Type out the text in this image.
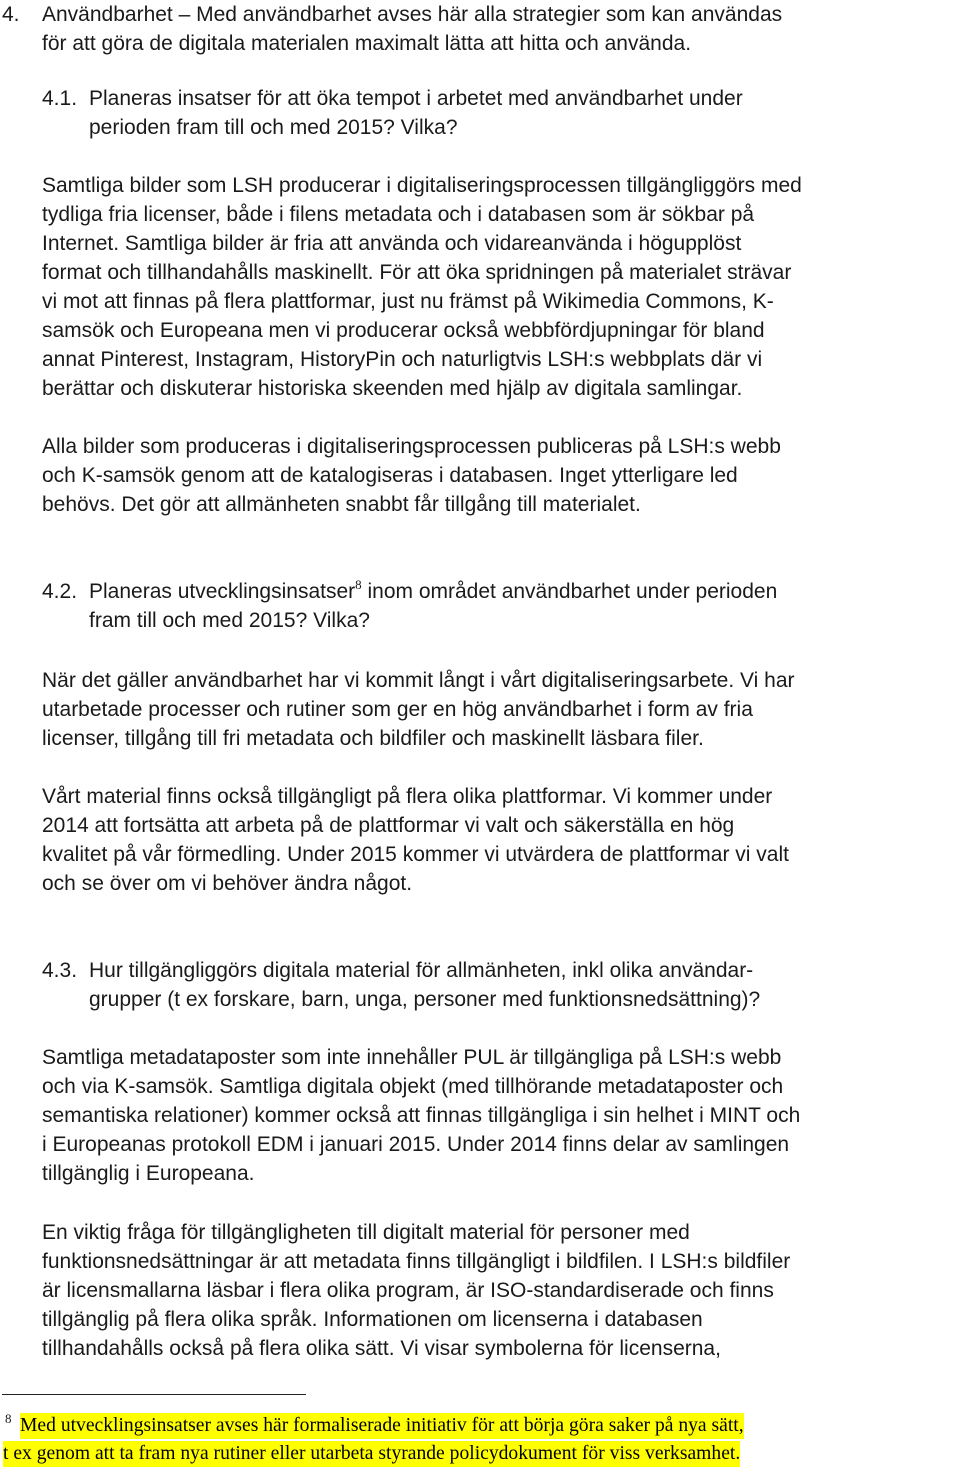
4. Användbarhet – Med användbarhet avses här alla strategier som kan användas
för att göra de digitala materialen maximalt lätta att hitta och använda.
4.1. Planeras insatser för att öka tempot i arbetet med användbarhet under
perioden fram till och med 2015? Vilka?
Samtliga bilder som LSH producerar i digitaliseringsprocessen tillgängliggörs med
tydliga fria licenser, både i filens metadata och i databasen som är sökbar på
Internet. Samtliga bilder är fria att använda och vidareanvända i högupplöst
format och tillhandahålls maskinellt. För att öka spridningen på materialet strävar
vi mot att finnas på flera plattformar, just nu främst på Wikimedia Commons, K-
samsök och Europeana men vi producerar också webbfördjupningar för bland
annat Pinterest, Instagram, HistoryPin och naturligtvis LSH:s webbplats där vi
berättar och diskuterar historiska skeenden med hjälp av digitala samlingar.
Alla bilder som produceras i digitaliseringsprocessen publiceras på LSH:s webb
och K-samsök genom att de katalogiseras i databasen. Inget ytterligare led
behövs. Det gör att allmänheten snabbt får tillgång till materialet.
4.2. Planeras utvecklingsinsatser$^8$ inom området användbarhet under perioden
fram till och med 2015? Vilka?
När det gäller användbarhet har vi kommit långt i vårt digitaliseringsarbete. Vi har
utarbetade processer och rutiner som ger en hög användbarhet i form av fria
licenser, tillgång till fri metadata och bildfiler och maskinellt läsbara filer.
Vårt material finns också tillgängligt på flera olika plattformar. Vi kommer under
2014 att fortsätta att arbeta på de plattformar vi valt och säkerställa en hög
kvalitet på vår förmedling. Under 2015 kommer vi utvärdera de plattformar vi valt
och se över om vi behöver ändra något.
4.3. Hur tillgängliggörs digitala material för allmänheten, inkl olika användar-
grupper (t ex forskare, barn, unga, personer med funktionsnedsättning)?
Samtliga metadataposter som inte innehåller PUL är tillgängliga på LSH:s webb
och via K-samsök. Samtliga digitala objekt (med tillhörande metadataposter och
semantiska relationer) kommer också att finnas tillgängliga i sin helhet i MINT och
i Europeanas protokoll EDM i januari 2015. Under 2014 finns delar av samlingen
tillgänglig i Europeana.
En viktig fråga för tillgängligheten till digitalt material för personer med
funktionsnedsättningar är att metadata finns tillgängligt i bildfilen. I LSH:s bildfiler
är licensmallarna läsbar i flera olika program, är ISO-standardiserade och finns
tillgänglig på flera olika språk. Informationen om licenserna i databasen
tillhandahålls också på flera olika sätt. Vi visar symbolerna för licenserna,
8 Med utvecklingsinsatser avses här formaliserade initiativ för att börja göra saker på nya sätt,
t ex genom att ta fram nya rutiner eller utarbeta styrande policydokument för viss verksamhet.
